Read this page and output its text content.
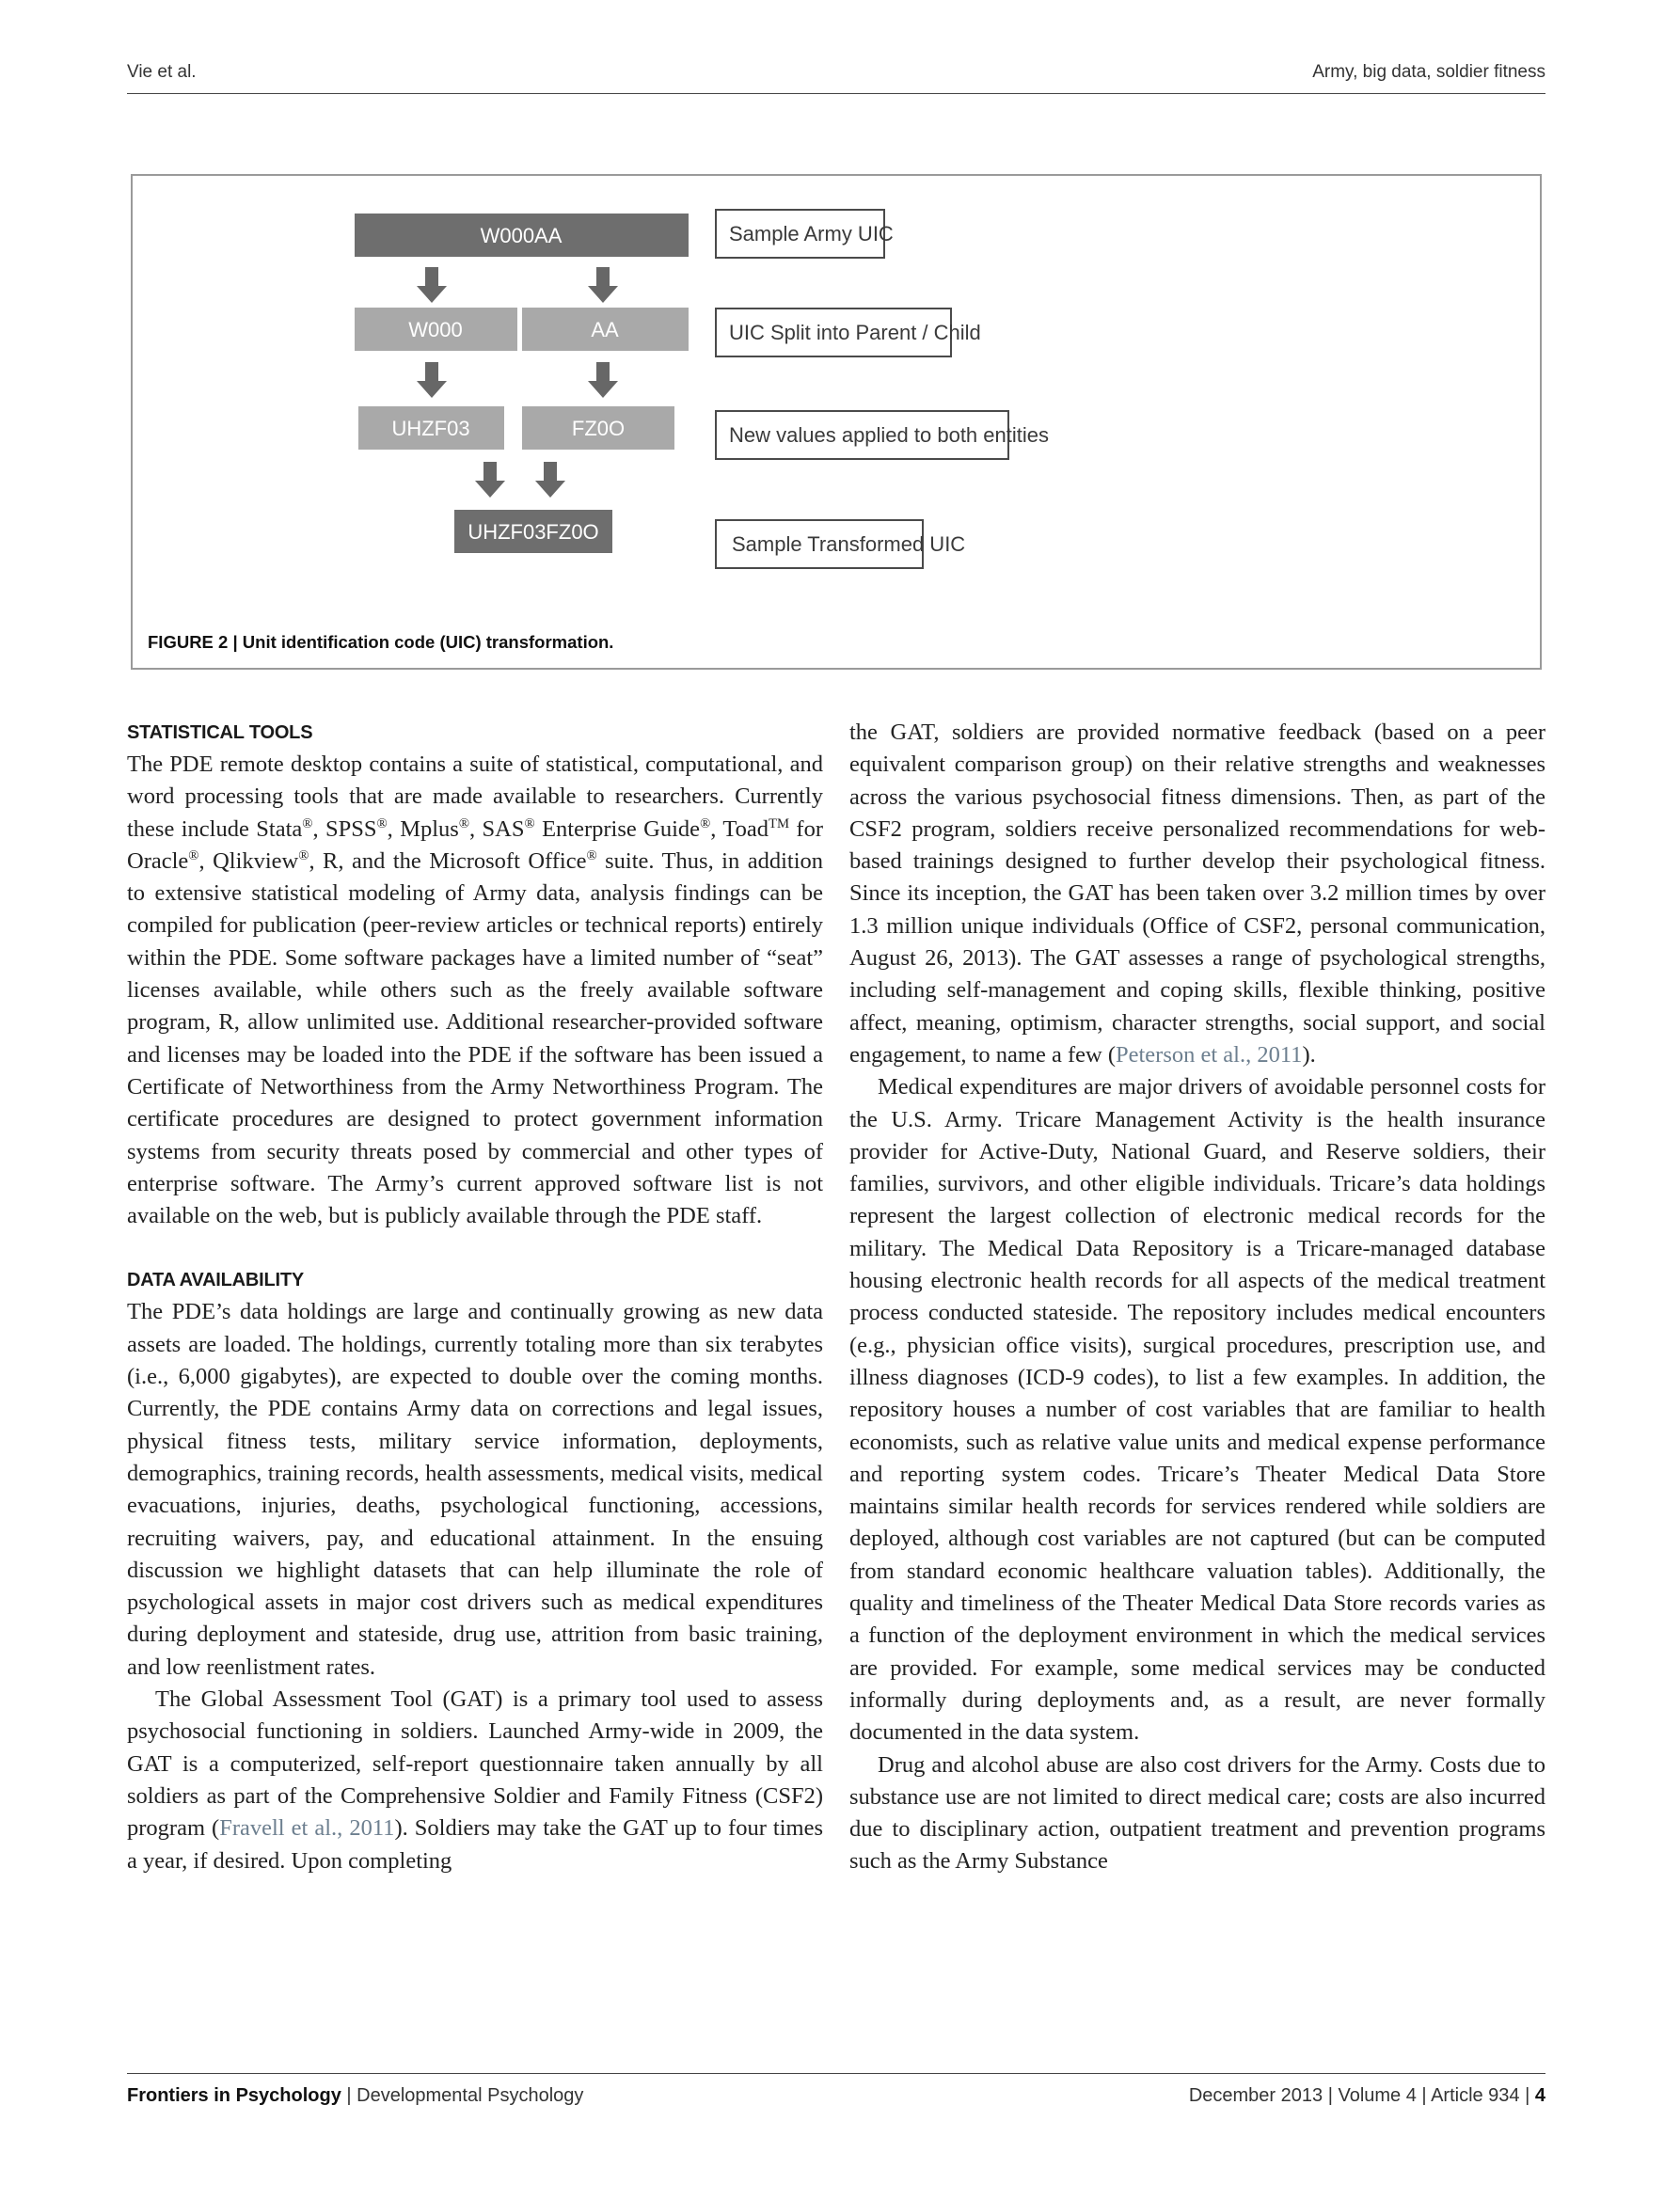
Vie et al.	Army, big data, soldier fitness
W000AA
W000	AA
UHZF03	FZ0O
UHZF03FZ0O
Sample Army UIC
UIC Split into Parent / Child
New values applied to both entities
Sample Transformed UIC
FIGURE 2 | Unit identification code (UIC) transformation.
STATISTICAL TOOLS

The PDE remote desktop contains a suite of statistical, computational, and word processing tools that are made available to researchers. Currently these include Stata®, SPSS®, Mplus®, SAS® Enterprise Guide®, Toad™ for Oracle®, Qlikview®, R, and the Microsoft Office® suite. Thus, in addition to extensive statistical modeling of Army data, analysis findings can be compiled for publication (peer-review articles or technical reports) entirely within the PDE. Some software packages have a limited number of “seat” licenses available, while others such as the freely available software program, R, allow unlimited use. Additional researcher-provided software and licenses may be loaded into the PDE if the software has been issued a Certificate of Networthiness from the Army Networthiness Program. The certificate procedures are designed to protect government information systems from security threats posed by commercial and other types of enterprise software. The Army’s current approved software list is not available on the web, but is publicly available through the PDE staff.

DATA AVAILABILITY

The PDE’s data holdings are large and continually growing as new data assets are loaded. The holdings, currently totaling more than six terabytes (i.e., 6,000 gigabytes), are expected to double over the coming months. Currently, the PDE contains Army data on corrections and legal issues, physical fitness tests, military service information, deployments, demographics, training records, health assessments, medical visits, medical evacuations, injuries, deaths, psychological functioning, accessions, recruiting waivers, pay, and educational attainment. In the ensuing discussion we highlight datasets that can help illuminate the role of psychological assets in major cost drivers such as medical expenditures during deployment and stateside, drug use, attrition from basic training, and low reenlistment rates.

The Global Assessment Tool (GAT) is a primary tool used to assess psychosocial functioning in soldiers. Launched Army-wide in 2009, the GAT is a computerized, self-report questionnaire taken annually by all soldiers as part of the Comprehensive Soldier and Family Fitness (CSF2) program (Fravell et al., 2011). Soldiers may take the GAT up to four times a year, if desired. Upon completing

the GAT, soldiers are provided normative feedback (based on a peer equivalent comparison group) on their relative strengths and weaknesses across the various psychosocial fitness dimensions. Then, as part of the CSF2 program, soldiers receive personalized recommendations for web-based trainings designed to further develop their psychological fitness. Since its inception, the GAT has been taken over 3.2 million times by over 1.3 million unique individuals (Office of CSF2, personal communication, August 26, 2013). The GAT assesses a range of psychological strengths, including self-management and coping skills, flexible thinking, positive affect, meaning, optimism, character strengths, social support, and social engagement, to name a few (Peterson et al., 2011).

Medical expenditures are major drivers of avoidable personnel costs for the U.S. Army. Tricare Management Activity is the health insurance provider for Active-Duty, National Guard, and Reserve soldiers, their families, survivors, and other eligible individuals. Tricare’s data holdings represent the largest collection of electronic medical records for the military. The Medical Data Repository is a Tricare-managed database housing electronic health records for all aspects of the medical treatment process conducted stateside. The repository includes medical encounters (e.g., physician office visits), surgical procedures, prescription use, and illness diagnoses (ICD-9 codes), to list a few examples. In addition, the repository houses a number of cost variables that are familiar to health economists, such as relative value units and medical expense performance and reporting system codes. Tricare’s Theater Medical Data Store maintains similar health records for services rendered while soldiers are deployed, although cost variables are not captured (but can be computed from standard economic healthcare valuation tables). Additionally, the quality and timeliness of the Theater Medical Data Store records varies as a function of the deployment environment in which the medical services are provided. For example, some medical services may be conducted informally during deployments and, as a result, are never formally documented in the data system.

Drug and alcohol abuse are also cost drivers for the Army. Costs due to substance use are not limited to direct medical care; costs are also incurred due to disciplinary action, outpatient treatment and prevention programs such as the Army Substance

Frontiers in Psychology | Developmental Psychology	December 2013 | Volume 4 | Article 934 | 4
